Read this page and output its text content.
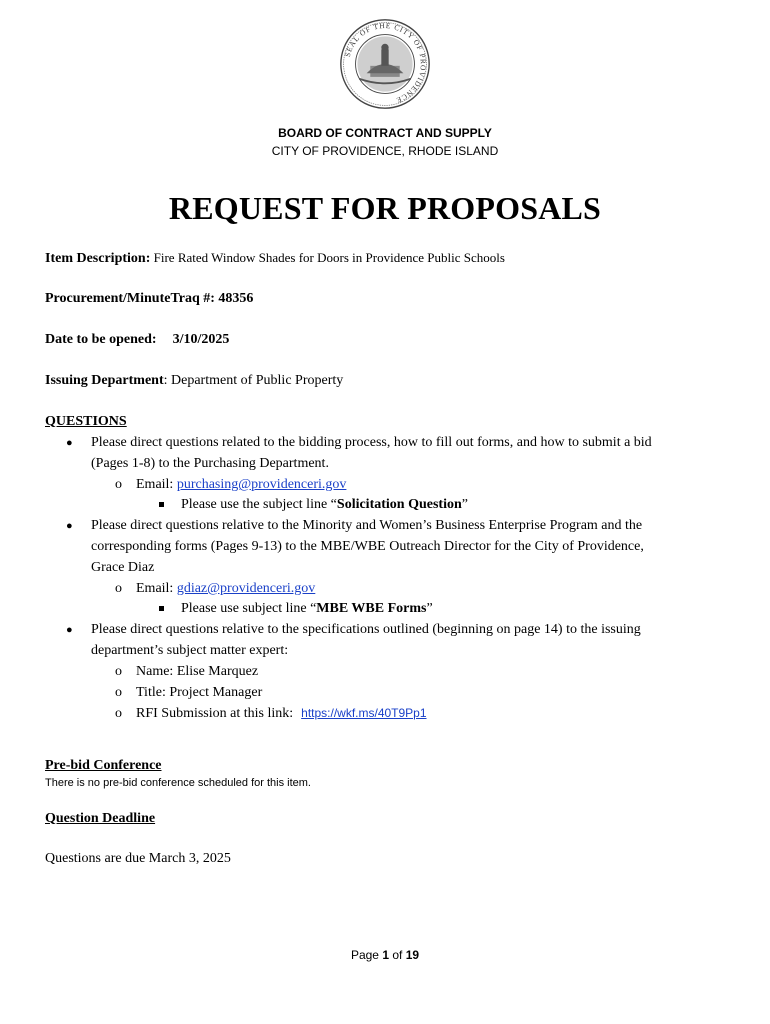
SEAL OF THE CITY OF PROVIDENCE
BOARD OF CONTRACT AND SUPPLY
CITY OF PROVIDENCE, RHODE ISLAND
REQUEST FOR PROPOSALS
Item Description: Fire Rated Window Shades for Doors in Providence Public Schools
Procurement/MinuteTraq #: 48356
Date to be opened: 3/10/2025
Issuing Department: Department of Public Property
QUESTIONS
● Please direct questions related to the bidding process, how to fill out forms, and how to submit a bid
(Pages 1-8) to the Purchasing Department.
o Email: purchasing@providenceri.gov
Please use the subject line “Solicitation Question”
● Please direct questions relative to the Minority and Women’s Business Enterprise Program and the
corresponding forms (Pages 9-13) to the MBE/WBE Outreach Director for the City of Providence,
Grace Diaz
o Email: gdiaz@providenceri.gov
Please use subject line “MBE WBE Forms”
● Please direct questions relative to the specifications outlined (beginning on page 14) to the issuing
department’s subject matter expert:
o Name: Elise Marquez
o Title: Project Manager
o RFI Submission at this link: https://wkf.ms/40T9Pp1
Pre-bid Conference
There is no pre-bid conference scheduled for this item.
Question Deadline
Questions are due March 3, 2025
Page 1 of 19
